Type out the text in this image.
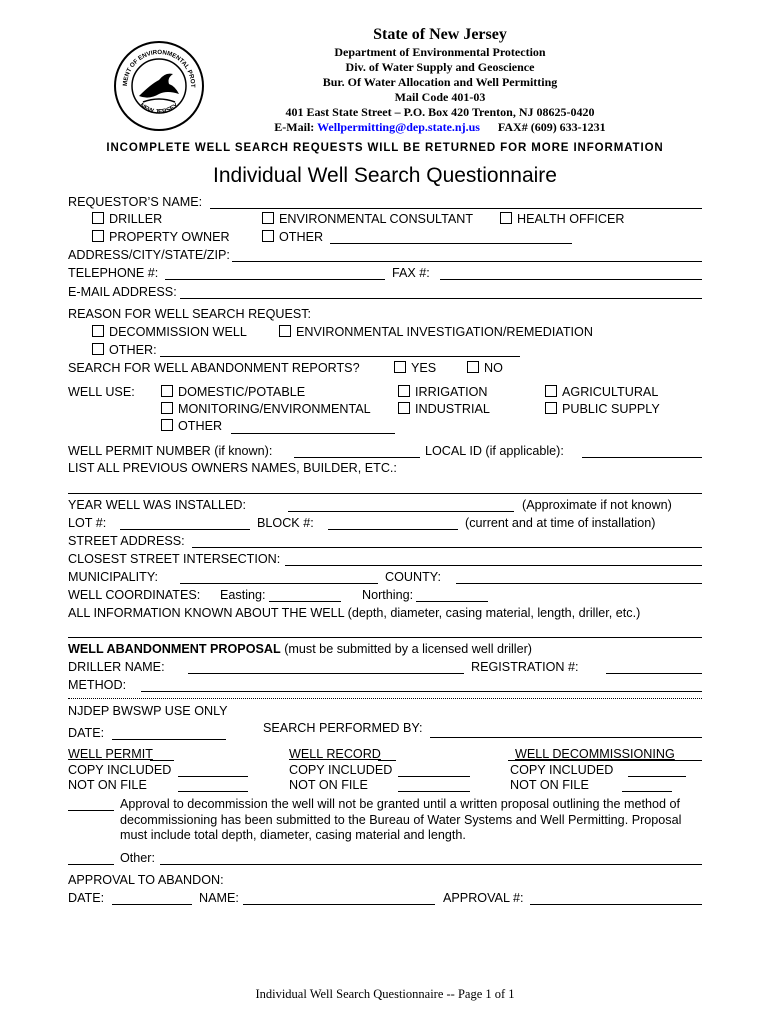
MENT OF ENVIRONMENTAL PROT
NEW JERSEY
State of New Jersey
Department of Environmental Protection
Div. of Water Supply and Geoscience
Bur. Of Water Allocation and Well Permitting
Mail Code 401-03
401 East State Street – P.O. Box 420 Trenton, NJ 08625-0420
E-Mail: Wellpermitting@dep.state.nj.us FAX# (609) 633-1231
INCOMPLETE WELL SEARCH REQUESTS WILL BE RETURNED FOR MORE INFORMATION
Individual Well Search Questionnaire
REQUESTOR’S NAME:
DRILLER	ENVIRONMENTAL CONSULTANT	HEALTH OFFICER
PROPERTY OWNER	OTHER
ADDRESS/CITY/STATE/ZIP:
TELEPHONE #:	FAX #:
E-MAIL ADDRESS:
REASON FOR WELL SEARCH REQUEST:
DECOMMISSION WELL	ENVIRONMENTAL INVESTIGATION/REMEDIATION
OTHER:
SEARCH FOR WELL ABANDONMENT REPORTS?	YES	NO
WELL USE:	DOMESTIC/POTABLE	IRRIGATION	AGRICULTURAL
MONITORING/ENVIRONMENTAL	INDUSTRIAL	PUBLIC SUPPLY
OTHER
WELL PERMIT NUMBER (if known):	LOCAL ID (if applicable):
LIST ALL PREVIOUS OWNERS NAMES, BUILDER, ETC.:
YEAR WELL WAS INSTALLED:	(Approximate if not known)
LOT #:	BLOCK #:	(current and at time of installation)
STREET ADDRESS:
CLOSEST STREET INTERSECTION:
MUNICIPALITY:	COUNTY:
WELL COORDINATES: Easting:	Northing:
ALL INFORMATION KNOWN ABOUT THE WELL (depth, diameter, casing material, length, driller, etc.)
WELL ABANDONMENT PROPOSAL (must be submitted by a licensed well driller)
DRILLER NAME:	REGISTRATION #:
METHOD:
NJDEP BWSWP USE ONLY
SEARCH PERFORMED BY:
DATE:
WELL PERMIT	WELL RECORD	WELL DECOMMISSIONING
COPY INCLUDED	COPY INCLUDED	COPY INCLUDED
NOT ON FILE	NOT ON FILE	NOT ON FILE
Approval to decommission the well will not be granted until a written proposal outlining the method of decommissioning has been submitted to the Bureau of Water Systems and Well Permitting. Proposal must include total depth, diameter, casing material and length.
Other:
APPROVAL TO ABANDON:
DATE:	NAME:	APPROVAL #:
Individual Well Search Questionnaire -- Page 1 of 1
